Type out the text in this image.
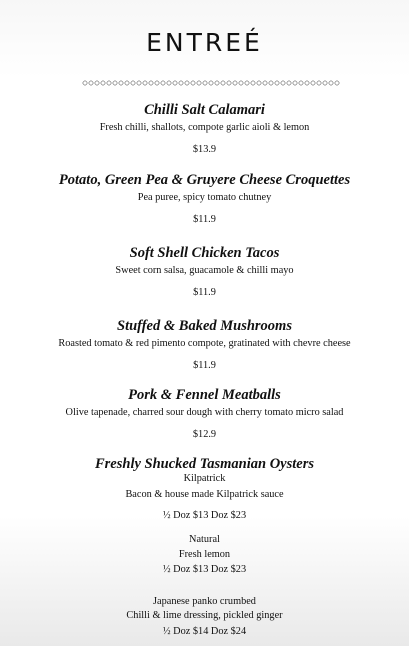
ENTREÉ
Chilli Salt Calamari
Fresh chilli, shallots, compote garlic aioli & lemon
$13.9
Potato, Green Pea & Gruyere Cheese Croquettes
Pea puree, spicy tomato chutney
$11.9
Soft Shell Chicken Tacos
Sweet corn salsa, guacamole & chilli mayo
$11.9
Stuffed & Baked Mushrooms
Roasted tomato & red pimento compote, gratinated with chevre cheese
$11.9
Pork & Fennel Meatballs
Olive tapenade, charred sour dough with cherry tomato micro salad
$12.9
Freshly Shucked Tasmanian Oysters
Kilpatrick
Bacon & house made Kilpatrick sauce
½ Doz $13 Doz $23
Natural
Fresh lemon
½ Doz $13 Doz $23
Japanese panko crumbed
Chilli & lime dressing, pickled ginger
½ Doz $14 Doz $24
